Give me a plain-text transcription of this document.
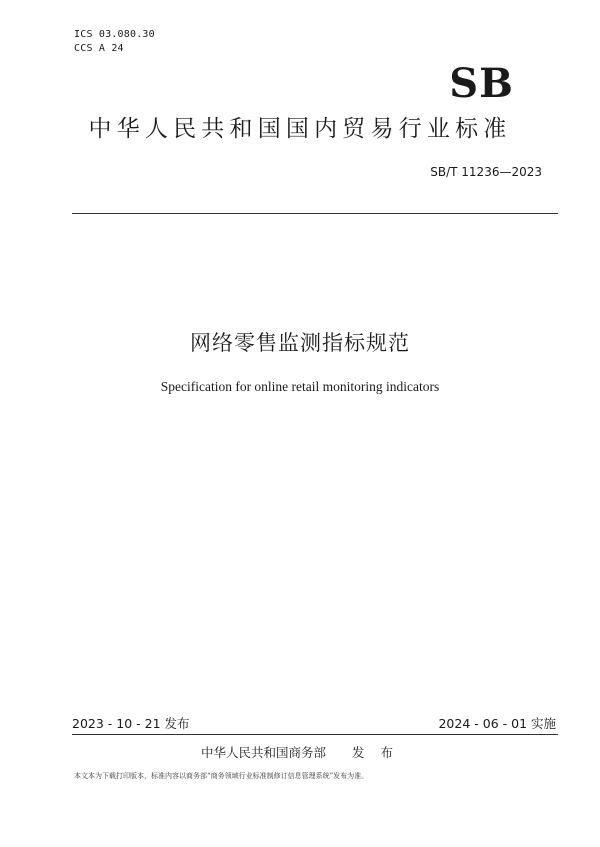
ICS 03.080.30
CCS A 24
SB
中华人民共和国国内贸易行业标准
SB/T 11236—2023
网络零售监测指标规范
Specification for online retail monitoring indicators
2023 - 10 - 21 发布	2024 - 06 - 01 实施
中华人民共和国商务部 发 布
本文本为下载打印版本，标准内容以商务部“商务领域行业标准制修订信息管理系统”发布为准。
